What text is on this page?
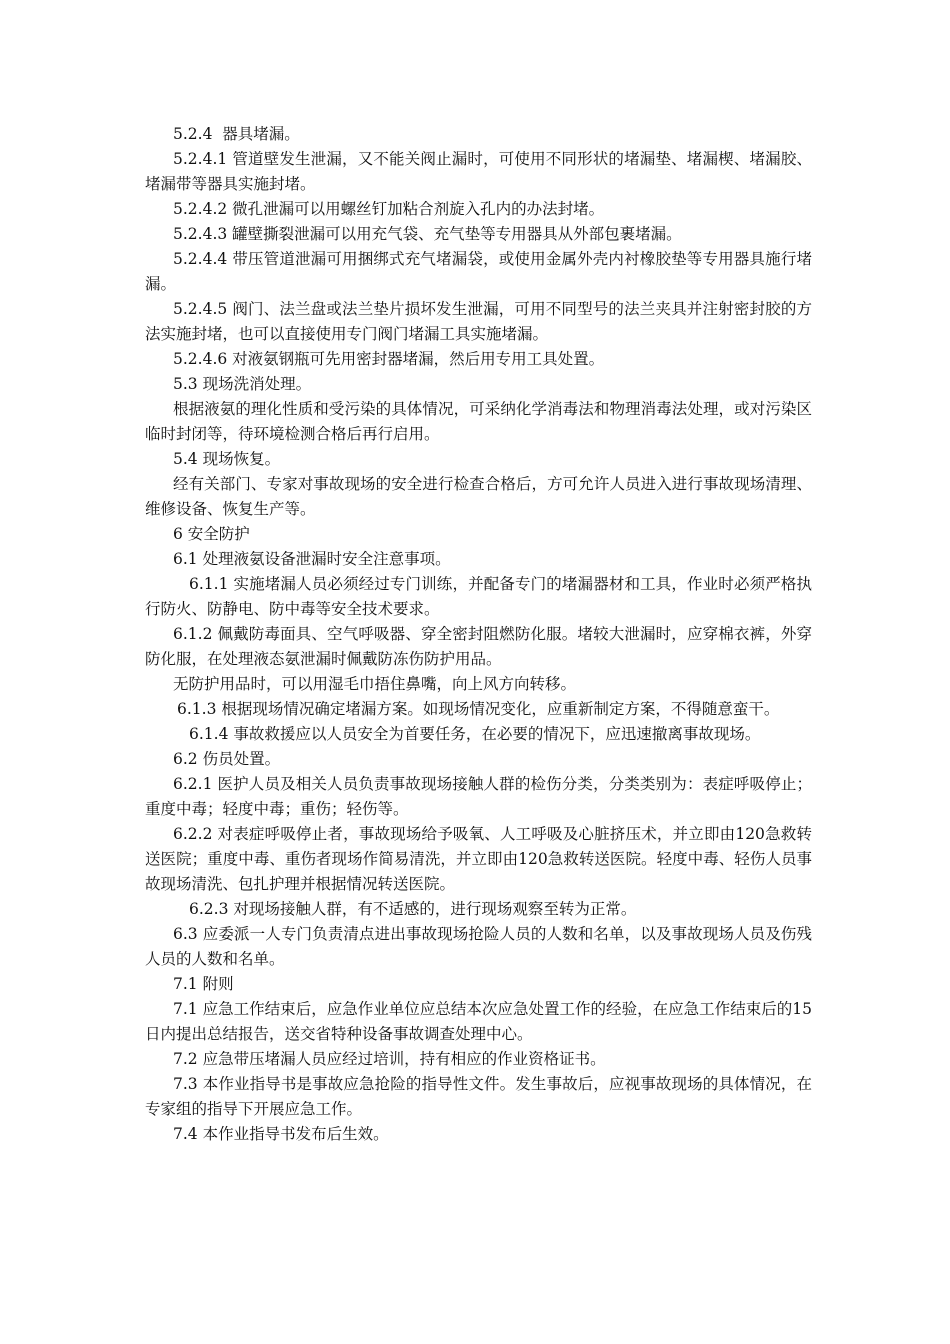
5.2.4  器具堵漏。

5.2.4.1 管道壁发生泄漏，又不能关阀止漏时，可使用不同形状的堵漏垫、堵漏楔、堵漏胶、堵漏带等器具实施封堵。

5.2.4.2 微孔泄漏可以用螺丝钉加粘合剂旋入孔内的办法封堵。

5.2.4.3 罐壁撕裂泄漏可以用充气袋、充气垫等专用器具从外部包裹堵漏。

5.2.4.4 带压管道泄漏可用捆绑式充气堵漏袋，或使用金属外壳内衬橡胶垫等专用器具施行堵漏。

5.2.4.5 阀门、法兰盘或法兰垫片损坏发生泄漏，可用不同型号的法兰夹具并注射密封胶的方法实施封堵，也可以直接使用专门阀门堵漏工具实施堵漏。

5.2.4.6 对液氨钢瓶可先用密封器堵漏，然后用专用工具处置。

5.3 现场洗消处理。

根据液氨的理化性质和受污染的具体情况，可采纳化学消毒法和物理消毒法处理，或对污染区临时封闭等，待环境检测合格后再行启用。

5.4 现场恢复。

经有关部门、专家对事故现场的安全进行检查合格后，方可允许人员进入进行事故现场清理、维修设备、恢复生产等。

6 安全防护

6.1 处理液氨设备泄漏时安全注意事项。

6.1.1 实施堵漏人员必须经过专门训练，并配备专门的堵漏器材和工具，作业时必须严格执行防火、防静电、防中毒等安全技术要求。

6.1.2 佩戴防毒面具、空气呼吸器、穿全密封阻燃防化服。堵较大泄漏时，应穿棉衣裤，外穿防化服，在处理液态氨泄漏时佩戴防冻伤防护用品。

无防护用品时，可以用湿毛巾捂住鼻嘴，向上风方向转移。

6.1.3 根据现场情况确定堵漏方案。如现场情况变化，应重新制定方案，不得随意蛮干。

6.1.4 事故救援应以人员安全为首要任务，在必要的情况下，应迅速撤离事故现场。

6.2 伤员处置。

6.2.1 医护人员及相关人员负责事故现场接触人群的检伤分类，分类类别为：表症呼吸停止；重度中毒；轻度中毒；重伤；轻伤等。

6.2.2 对表症呼吸停止者，事故现场给予吸氧、人工呼吸及心脏挤压术，并立即由120急救转送医院；重度中毒、重伤者现场作简易清洗，并立即由120急救转送医院。轻度中毒、轻伤人员事故现场清洗、包扎护理并根据情况转送医院。

6.2.3 对现场接触人群，有不适感的，进行现场观察至转为正常。

6.3 应委派一人专门负责清点进出事故现场抢险人员的人数和名单，以及事故现场人员及伤残人员的人数和名单。

7.1 附则

7.1 应急工作结束后，应急作业单位应总结本次应急处置工作的经验，在应急工作结束后的15日内提出总结报告，送交省特种设备事故调查处理中心。

7.2 应急带压堵漏人员应经过培训，持有相应的作业资格证书。

7.3 本作业指导书是事故应急抢险的指导性文件。发生事故后，应视事故现场的具体情况，在专家组的指导下开展应急工作。

7.4 本作业指导书发布后生效。
